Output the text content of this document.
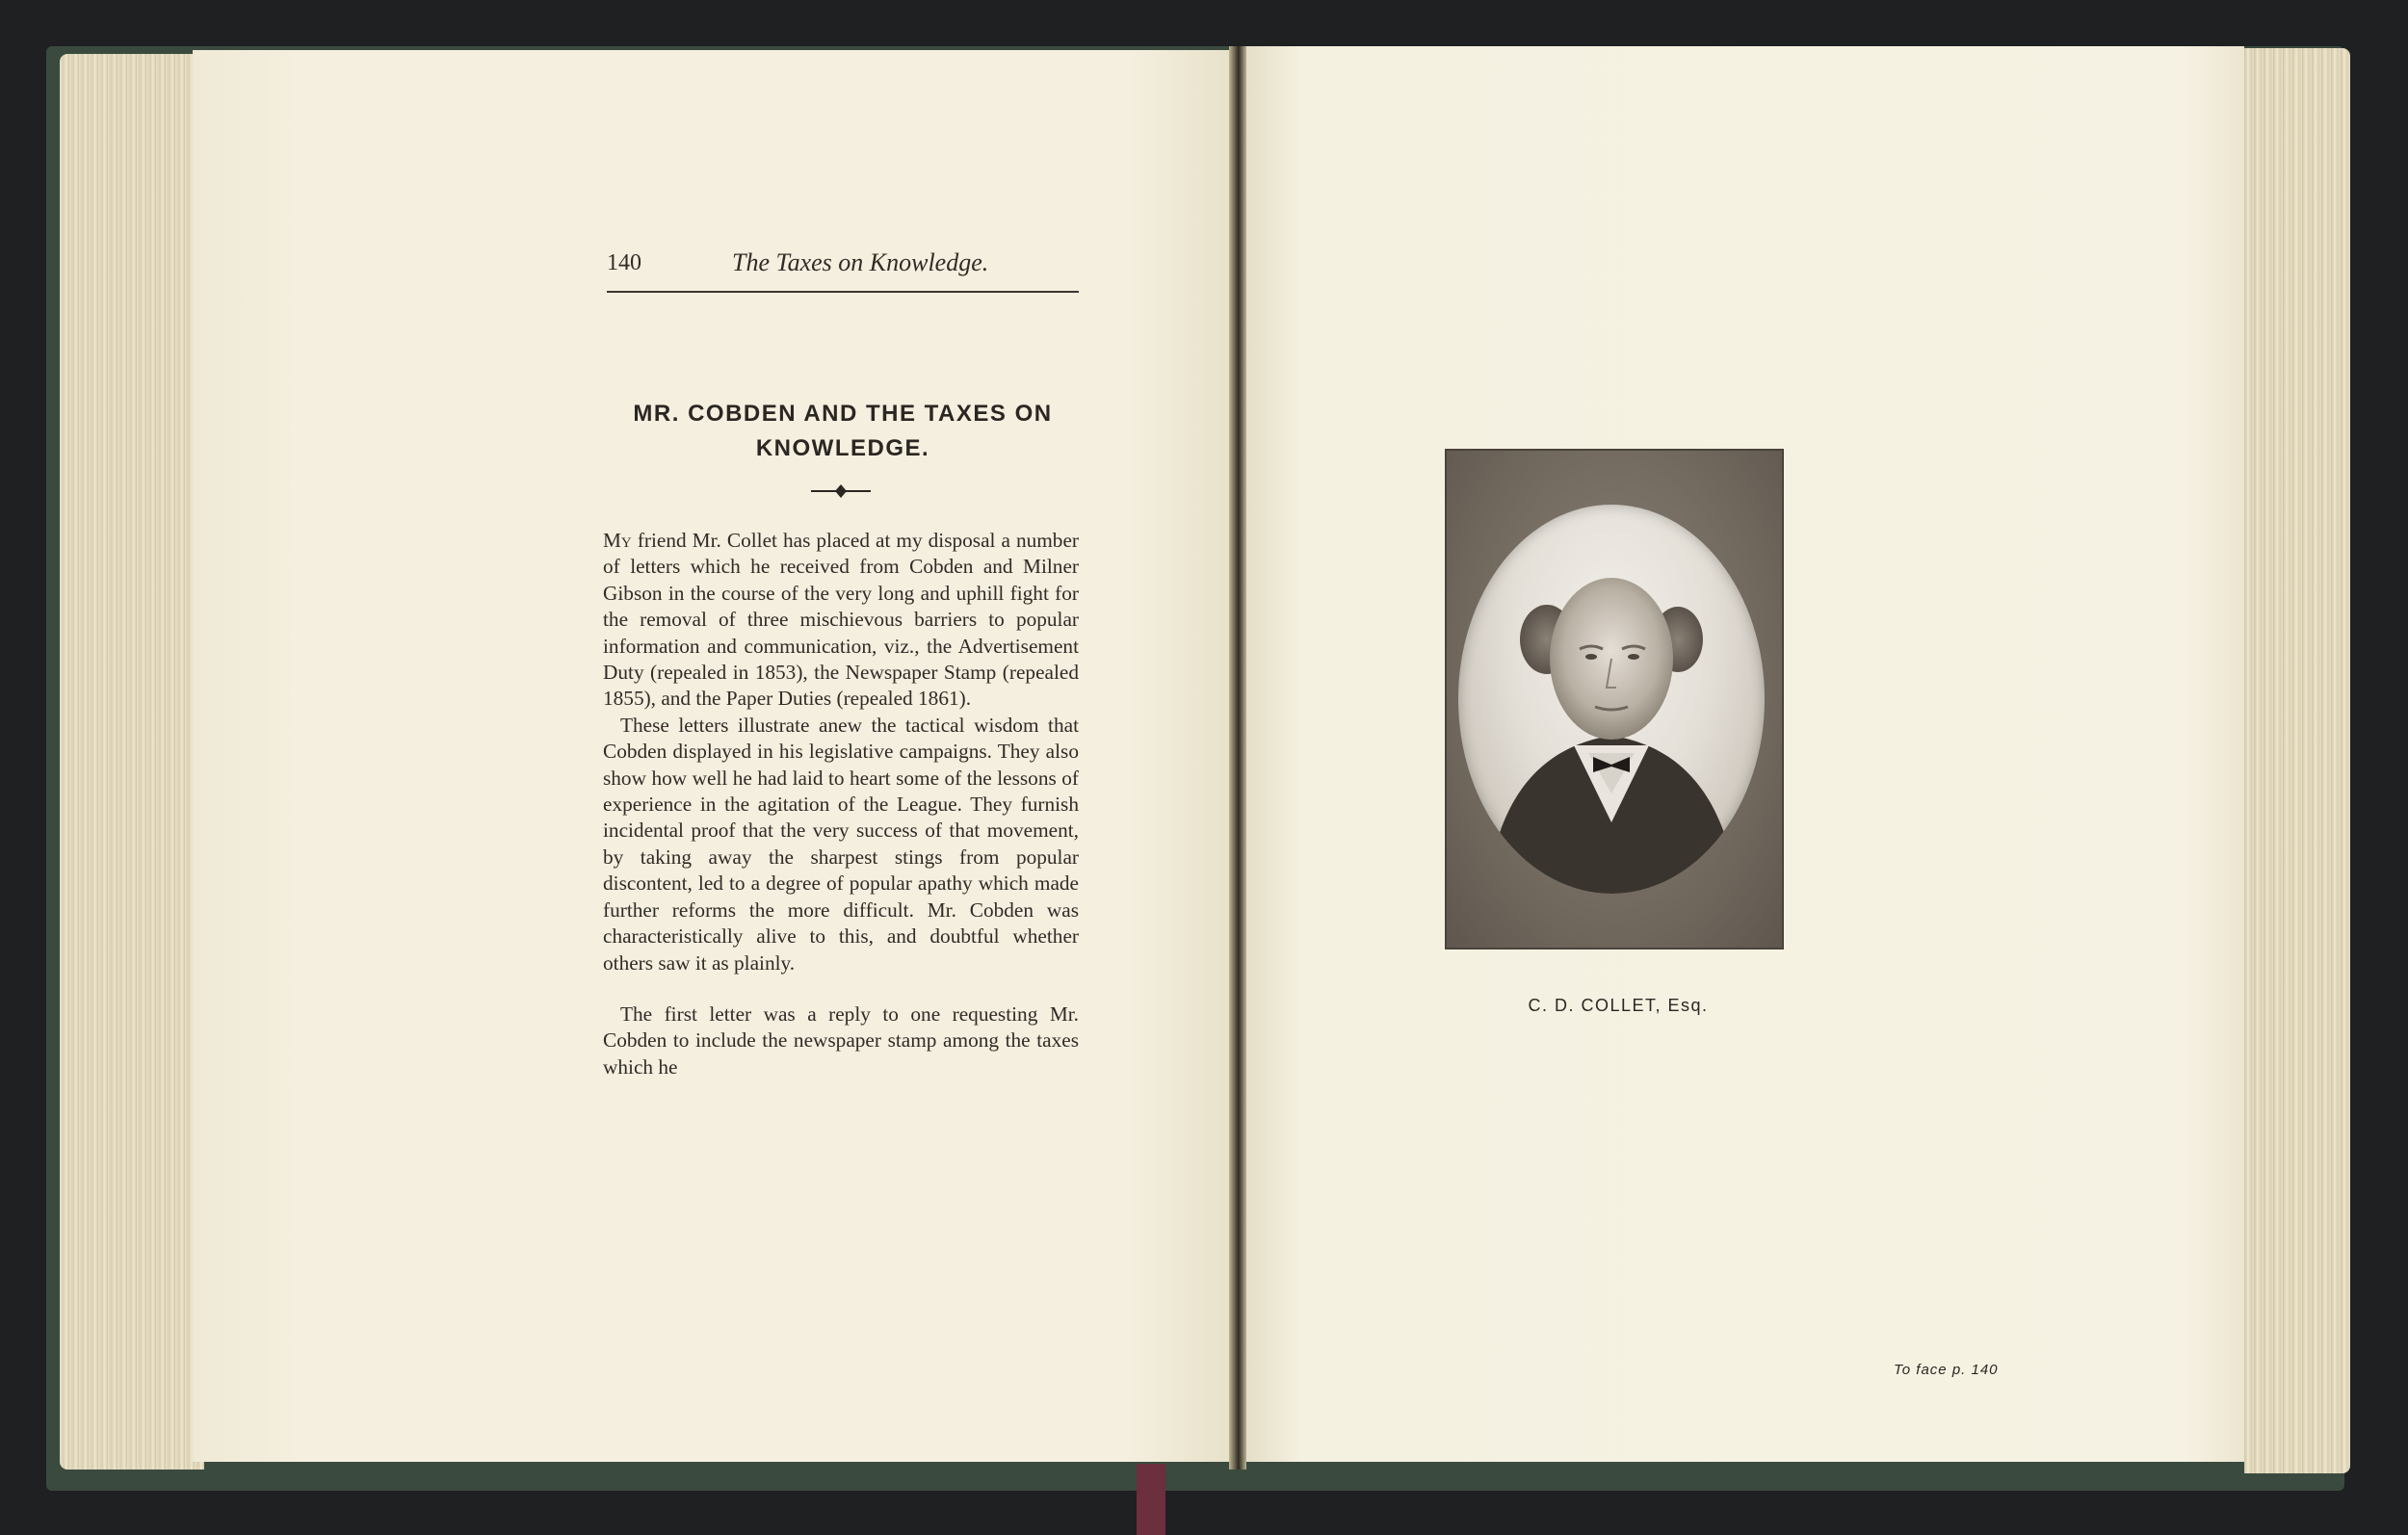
140	The Taxes on Knowledge.
MR. COBDEN AND THE TAXES ON
KNOWLEDGE.

My friend Mr. Collet has placed at my disposal a number of letters which he received from Cobden and Milner Gibson in the course of the very long and uphill fight for the removal of three mischievous barriers to popular information and communication, viz., the Advertisement Duty (repealed in 1853), the Newspaper Stamp (repealed 1855), and the Paper Duties (repealed 1861).

These letters illustrate anew the tactical wisdom that Cobden displayed in his legislative campaigns. They also show how well he had laid to heart some of the lessons of experience in the agitation of the League. They furnish incidental proof that the very success of that movement, by taking away the sharpest stings from popular discontent, led to a degree of popular apathy which made further reforms the more difficult. Mr. Cobden was characteristically alive to this, and doubtful whether others saw it as plainly.

The first letter was a reply to one requesting Mr. Cobden to include the newspaper stamp among the taxes which he

C. D. COLLET, Esq.
To face p. 140
